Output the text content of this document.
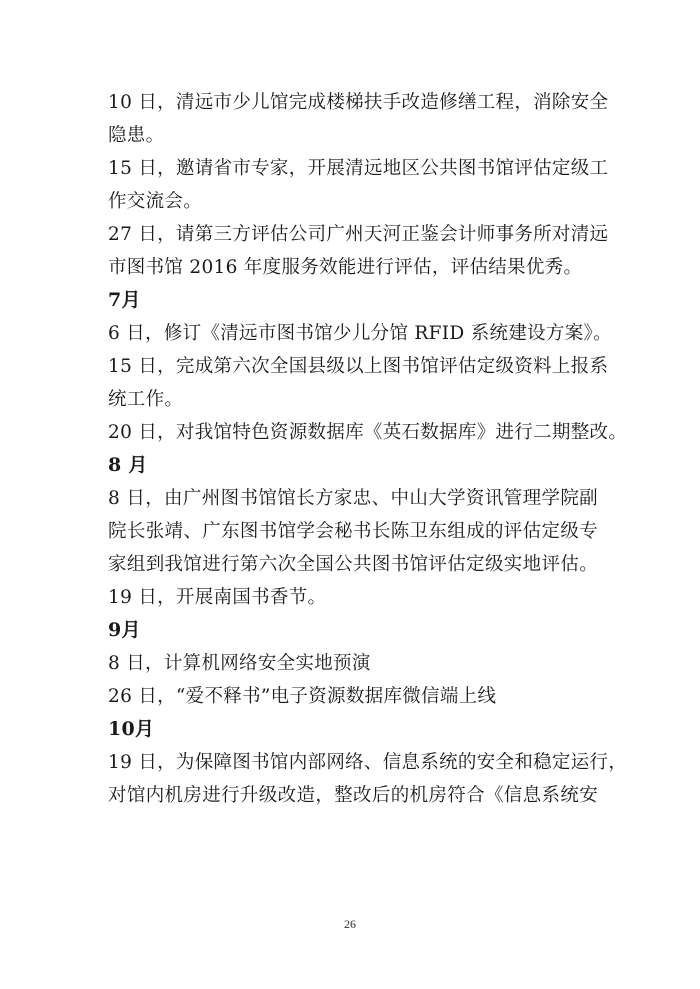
10 日，清远市少儿馆完成楼梯扶手改造修缮工程，消除安全
隐患。
15 日，邀请省市专家，开展清远地区公共图书馆评估定级工
作交流会。
27 日，请第三方评估公司广州天河正鉴会计师事务所对清远
市图书馆 2016 年度服务效能进行评估，评估结果优秀。
7月
6 日，修订《清远市图书馆少儿分馆 RFID 系统建设方案》。
15 日，完成第六次全国县级以上图书馆评估定级资料上报系
统工作。
20 日，对我馆特色资源数据库《英石数据库》进行二期整改。
8 月
8 日，由广州图书馆馆长方家忠、中山大学资讯管理学院副
院长张靖、广东图书馆学会秘书长陈卫东组成的评估定级专
家组到我馆进行第六次全国公共图书馆评估定级实地评估。
19 日，开展南国书香节。
9月
8 日，计算机网络安全实地预演
26 日，“爱不释书”电子资源数据库微信端上线
10月
19 日，为保障图书馆内部网络、信息系统的安全和稳定运行，
对馆内机房进行升级改造，整改后的机房符合《信息系统安
26
